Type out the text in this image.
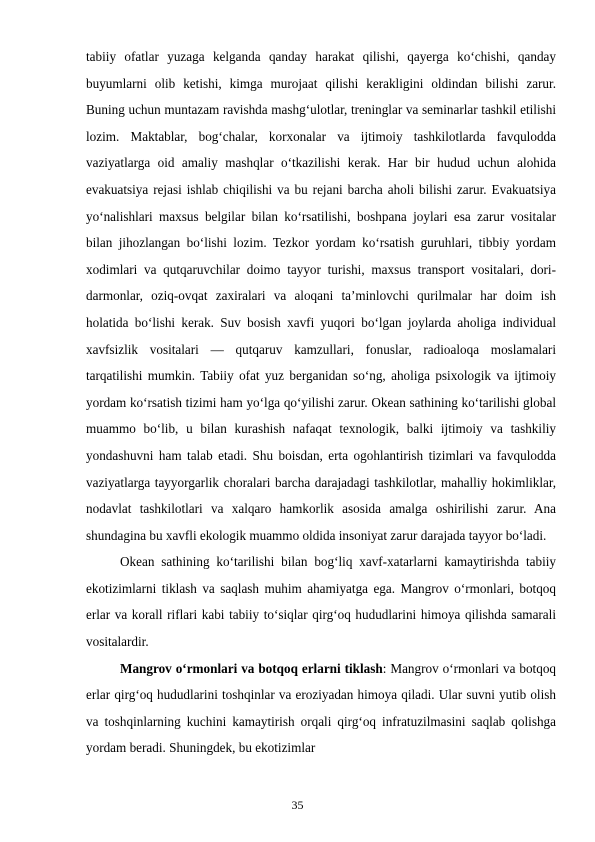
tabiiy ofatlar yuzaga kelganda qanday harakat qilishi, qayerga ko‘chishi, qanday buyumlarni olib ketishi, kimga murojaat qilishi kerakligini oldindan bilishi zarur. Buning uchun muntazam ravishda mashg‘ulotlar, treninglar va seminarlar tashkil etilishi lozim. Maktablar, bog‘chalar, korxonalar va ijtimoiy tashkilotlarda favqulodda vaziyatlarga oid amaliy mashqlar o‘tkazilishi kerak. Har bir hudud uchun alohida evakuatsiya rejasi ishlab chiqilishi va bu rejani barcha aholi bilishi zarur. Evakuatsiya yo‘nalishlari maxsus belgilar bilan ko‘rsatilishi, boshpana joylari esa zarur vositalar bilan jihozlangan bo‘lishi lozim. Tezkor yordam ko‘rsatish guruhlari, tibbiy yordam xodimlari va qutqaruvchilar doimo tayyor turishi, maxsus transport vositalari, dori-darmonlar, oziq-ovqat zaxiralari va aloqani ta’minlovchi qurilmalar har doim ish holatida bo‘lishi kerak. Suv bosish xavfi yuqori bo‘lgan joylarda aholiga individual xavfsizlik vositalari — qutqaruv kamzullari, fonuslar, radioaloqa moslamalari tarqatilishi mumkin. Tabiiy ofat yuz berganidan so‘ng, aholiga psixologik va ijtimoiy yordam ko‘rsatish tizimi ham yo‘lga qo‘yilishi zarur. Okean sathining ko‘tarilishi global muammo bo‘lib, u bilan kurashish nafaqat texnologik, balki ijtimoiy va tashkiliy yondashuvni ham talab etadi. Shu boisdan, erta ogohlantirish tizimlari va favqulodda vaziyatlarga tayyorgarlik choralari barcha darajadagi tashkilotlar, mahalliy hokimliklar, nodavlat tashkilotlari va xalqaro hamkorlik asosida amalga oshirilishi zarur. Ana shundagina bu xavfli ekologik muammo oldida insoniyat zarur darajada tayyor bo‘ladi.

Okean sathining ko‘tarilishi bilan bog‘liq xavf-xatarlarni kamaytirishda tabiiy ekotizimlarni tiklash va saqlash muhim ahamiyatga ega. Mangrov o‘rmonlari, botqoq erlar va korall riflari kabi tabiiy to‘siqlar qirg‘oq hududlarini himoya qilishda samarali vositalardir.

Mangrov o‘rmonlari va botqoq erlarni tiklash: Mangrov o‘rmonlari va botqoq erlar qirg‘oq hududlarini toshqinlar va eroziyadan himoya qiladi. Ular suvni yutib olish va toshqinlarning kuchini kamaytirish orqali qirg‘oq infratuzilmasini saqlab qolishga yordam beradi. Shuningdek, bu ekotizimlar

35
